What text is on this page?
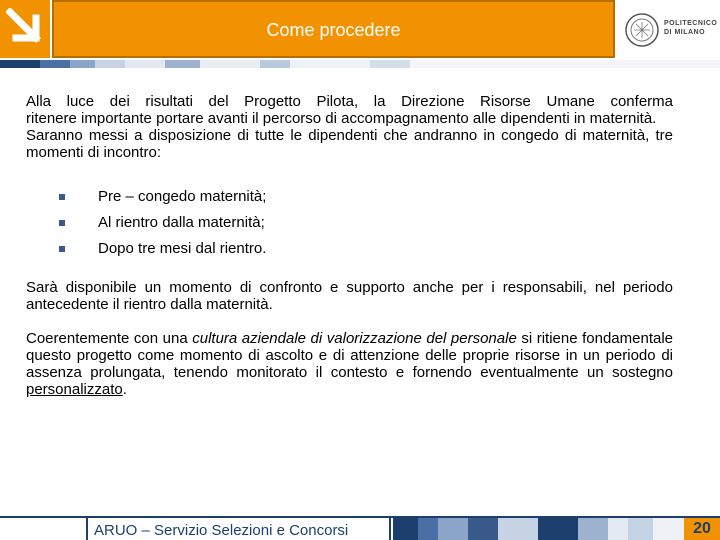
Come procedere	POLITECNICO
DI MILANO
Alla luce dei risultati del Progetto Pilota, la Direzione Risorse Umane conferma
ritenere importante portare avanti il percorso di accompagnamento alle dipendenti in maternità.
Saranno messi a disposizione di tutte le dipendenti che andranno in congedo di maternità, tre momenti di incontro:
Pre – congedo maternità;
Al rientro dalla maternità;
Dopo tre mesi dal rientro.
Sarà disponibile un momento di confronto e supporto anche per i responsabili, nel periodo antecedente il rientro dalla maternità.
Coerentemente con una cultura aziendale di valorizzazione del personale si ritiene fondamentale questo progetto come momento di ascolto e di attenzione delle proprie risorse in un periodo di assenza prolungata, tenendo monitorato il contesto e fornendo eventualmente un sostegno personalizzato.
ARUO – Servizio Selezioni e Concorsi	20
